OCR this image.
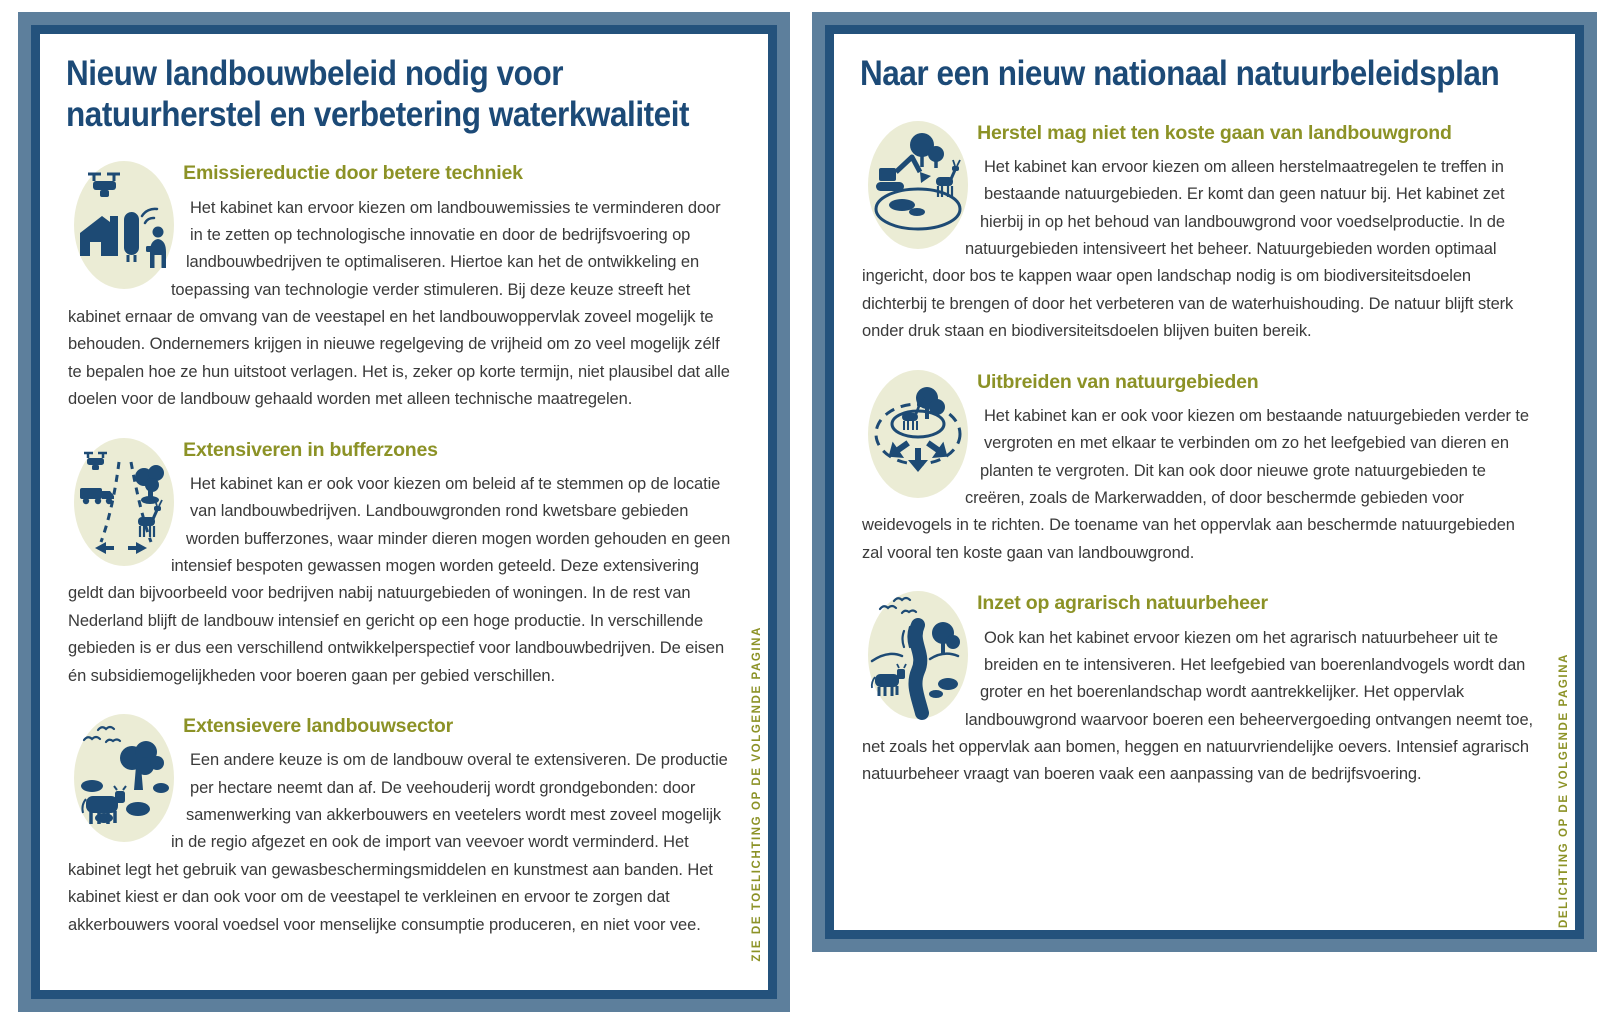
Nieuw landbouwbeleid nodig voor natuurherstel en verbetering waterkwaliteit
Emissiereductie door betere techniek

Het kabinet kan ervoor kiezen om landbouwemissies te verminderen door in te zetten op technologische innovatie en door de bedrijfsvoering op landbouwbedrijven te optimaliseren. Hiertoe kan het de ontwikkeling en toepassing van technologie verder stimuleren. Bij deze keuze streeft het kabinet ernaar de omvang van de veestapel en het landbouwoppervlak zoveel mogelijk te behouden. Ondernemers krijgen in nieuwe regelgeving de vrijheid om zo veel mogelijk zélf te bepalen hoe ze hun uitstoot verlagen. Het is, zeker op korte termijn, niet plausibel dat alle doelen voor de landbouw gehaald worden met alleen technische maatregelen.

Extensiveren in bufferzones

Het kabinet kan er ook voor kiezen om beleid af te stemmen op de locatie van landbouwbedrijven. Landbouwgronden rond kwetsbare gebieden worden bufferzones, waar minder dieren mogen worden gehouden en geen intensief bespoten gewassen mogen worden geteeld. Deze extensivering geldt dan bijvoorbeeld voor bedrijven nabij natuurgebieden of woningen. In de rest van Nederland blijft de landbouw intensief en gericht op een hoge productie. In verschillende gebieden is er dus een verschillend ontwikkelperspectief voor landbouwbedrijven. De eisen én subsidiemogelijkheden voor boeren gaan per gebied verschillen.

Extensievere landbouwsector

Een andere keuze is om de landbouw overal te extensiveren. De productie per hectare neemt dan af. De veehouderij wordt grondgebonden: door samenwerking van akkerbouwers en veetelers wordt mest zoveel mogelijk in de regio afgezet en ook de import van veevoer wordt verminderd. Het kabinet legt het gebruik van gewasbeschermingsmiddelen en kunstmest aan banden. Het kabinet kiest er dan ook voor om de veestapel te verkleinen en ervoor te zorgen dat akkerbouwers vooral voedsel voor menselijke consumptie produceren, en niet voor vee.	ZIE DE TOELICHTING OP DE VOLGENDE PAGINA
Naar een nieuw nationaal natuurbeleidsplan
Herstel mag niet ten koste gaan van landbouwgrond

Het kabinet kan ervoor kiezen om alleen herstelmaatregelen te treffen in bestaande natuurgebieden. Er komt dan geen natuur bij. Het kabinet zet hierbij in op het behoud van landbouwgrond voor voedselproductie. In de natuurgebieden intensiveert het beheer. Natuurgebieden worden optimaal ingericht, door bos te kappen waar open landschap nodig is om biodiversiteitsdoelen dichterbij te brengen of door het verbeteren van de waterhuishouding. De natuur blijft sterk onder druk staan en biodiversiteitsdoelen blijven buiten bereik.

Uitbreiden van natuurgebieden

Het kabinet kan er ook voor kiezen om bestaande natuurgebieden verder te vergroten en met elkaar te verbinden om zo het leefgebied van dieren en planten te vergroten. Dit kan ook door nieuwe grote natuurgebieden te creëren, zoals de Markerwadden, of door beschermde gebieden voor weidevogels in te richten. De toename van het oppervlak aan beschermde natuurgebieden zal vooral ten koste gaan van landbouwgrond.

Inzet op agrarisch natuurbeheer

Ook kan het kabinet ervoor kiezen om het agrarisch natuurbeheer uit te breiden en te intensiveren. Het leefgebied van boerenlandvogels wordt dan groter en het boerenlandschap wordt aantrekkelijker. Het oppervlak landbouwgrond waarvoor boeren een beheervergoeding ontvangen neemt toe, net zoals het oppervlak aan bomen, heggen en natuurvriendelijke oevers. Intensief agrarisch natuurbeheer vraagt van boeren vaak een aanpassing van de bedrijfsvoering.	DELICHTING OP DE VOLGENDE PAGINA
